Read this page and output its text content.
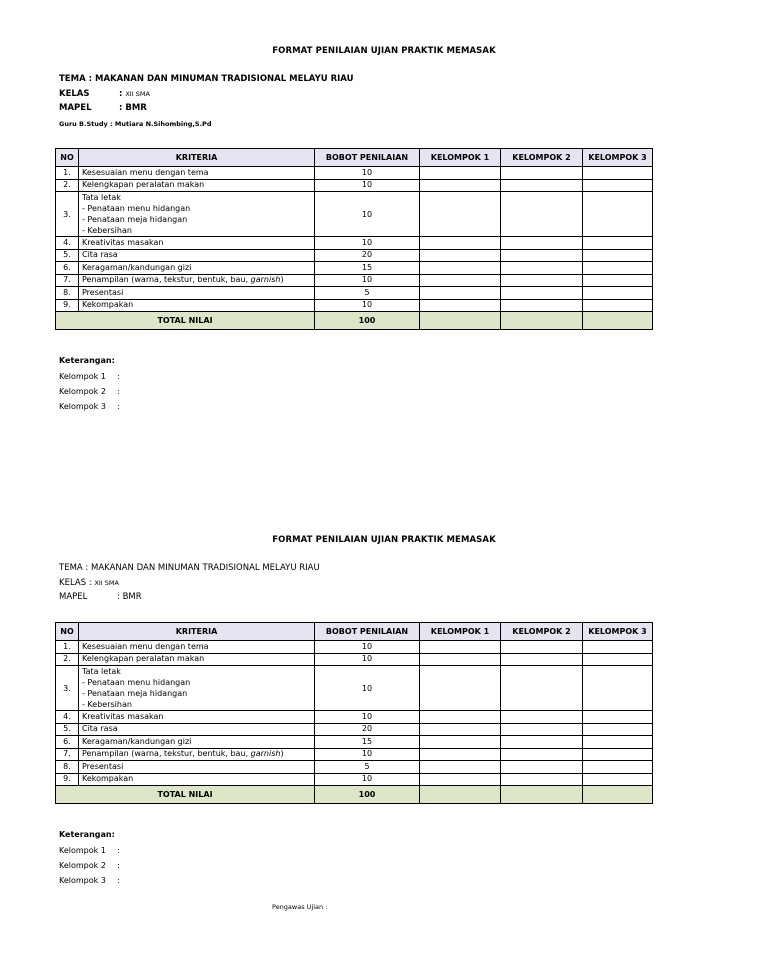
FORMAT PENILAIAN UJIAN PRAKTIK MEMASAK
TEMA : MAKANAN DAN MINUMAN TRADISIONAL MELAYU RIAU
KELAS	: XII SMA
MAPEL	: BMR
Guru B.Study : Mutiara N.Sihombing,S.Pd
NO	KRITERIA	BOBOT PENILAIAN	KELOMPOK 1	KELOMPOK 2	KELOMPOK 3
1.	Kesesuaian menu dengan tema	10			
2.	Kelengkapan peralatan makan	10			
3.	Tata letak
- Penataan menu hidangan
- Penataan meja hidangan
- Kebersihan	10			
4.	Kreativitas masakan	10			
5.	Cita rasa	20			
6.	Keragaman/kandungan gizi	15			
7.	Penampilan (warna, tekstur, bentuk, bau, garnish)	10			
8.	Presentasi	5			
9.	Kekompakan	10			
TOTAL NILAI		100			
Keterangan:
Kelompok 1 :
Kelompok 2 :
Kelompok 3 :
FORMAT PENILAIAN UJIAN PRAKTIK MEMASAK
TEMA : MAKANAN DAN MINUMAN TRADISIONAL MELAYU RIAU
KELAS : XII SMA
MAPEL	: BMR
NO	KRITERIA	BOBOT PENILAIAN	KELOMPOK 1	KELOMPOK 2	KELOMPOK 3
1.	Kesesuaian menu dengan tema	10			
2.	Kelengkapan peralatan makan	10			
3.	Tata letak
- Penataan menu hidangan
- Penataan meja hidangan
- Kebersihan	10			
4.	Kreativitas masakan	10			
5.	Cita rasa	20			
6.	Keragaman/kandungan gizi	15			
7.	Penampilan (warna, tekstur, bentuk, bau, garnish)	10			
8.	Presentasi	5			
9.	Kekompakan	10			
TOTAL NILAI		100			
Keterangan:
Kelompok 1 :
Kelompok 2 :
Kelompok 3 :
Pengawas Ujian :
